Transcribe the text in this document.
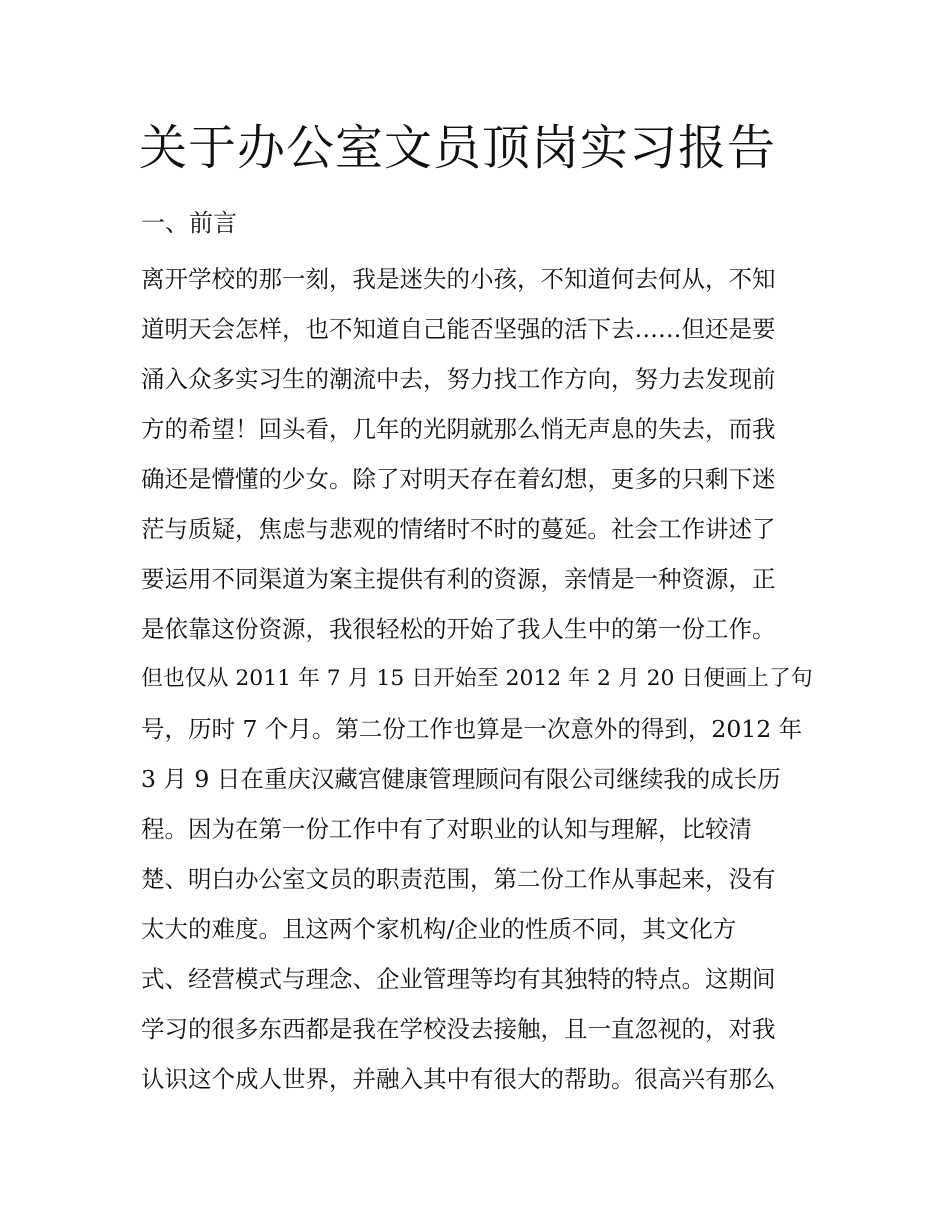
关于办公室文员顶岗实习报告
一、前言

离开学校的那一刻，我是迷失的小孩，不知道何去何从，不知

道明天会怎样，也不知道自己能否坚强的活下去……但还是要

涌入众多实习生的潮流中去，努力找工作方向，努力去发现前

方的希望！回头看，几年的光阴就那么悄无声息的失去，而我

确还是懵懂的少女。除了对明天存在着幻想，更多的只剩下迷

茫与质疑，焦虑与悲观的情绪时不时的蔓延。社会工作讲述了

要运用不同渠道为案主提供有利的资源，亲情是一种资源，正

是依靠这份资源，我很轻松的开始了我人生中的第一份工作。

但也仅从 2011 年 7 月 15 日开始至 2012 年 2 月 20 日便画上了句

号，历时 7 个月。第二份工作也算是一次意外的得到，2012 年

3 月 9 日在重庆汉藏宫健康管理顾问有限公司继续我的成长历

程。因为在第一份工作中有了对职业的认知与理解，比较清

楚、明白办公室文员的职责范围，第二份工作从事起来，没有

太大的难度。且这两个家机构/企业的性质不同，其文化方

式、经营模式与理念、企业管理等均有其独特的特点。这期间

学习的很多东西都是我在学校没去接触，且一直忽视的，对我

认识这个成人世界，并融入其中有很大的帮助。很高兴有那么
